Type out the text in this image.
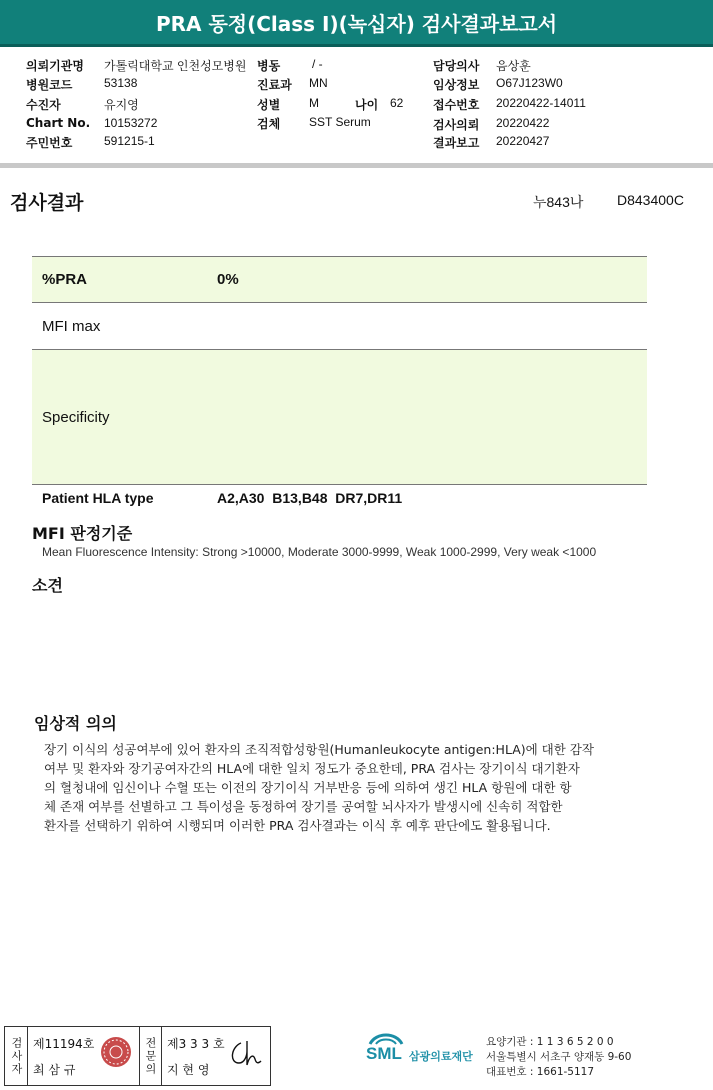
PRA 동정(Class I)(녹십자) 검사결과보고서
의뢰기관명 가톨릭대학교 인천성모병원 병동	/ -	담당의사 음상훈
병원코드	53138	진료과 MN	임상정보 O67J123W0
수진자	유지영	성별 M	나이 62 접수번호 20220422-14011
Chart No. 10153272	검체 SST Serum	검사의뢰 20220422
주민번호	591215-1	결과보고 20220427
검사결과	누843나 D843400C
%PRA	0%
MFI max	
Specificity	
Patient HLA type	A2,A30  B13,B48  DR7,DR11
MFI 판정기준
Mean Fluorescence Intensity: Strong >10000, Moderate 3000-9999, Weak 1000-2999, Very weak <1000
소견
임상적 의의
장기 이식의 성공여부에 있어 환자의 조직적합성항원(Humanleukocyte antigen:HLA)에 대한 감작
여부 및 환자와 장기공여자간의 HLA에 대한 일치 정도가 중요한데, PRA 검사는 장기이식 대기환자
의 혈청내에 임신이나 수혈 또는 이전의 장기이식 거부반응 등에 의하여 생긴 HLA 항원에 대한 항
체 존재 여부를 선별하고 그 특이성을 동정하여 장기를 공여할 뇌사자가 발생시에 신속히 적합한
환자를 선택하기 위하여 시행되며 이러한 PRA 검사결과는 이식 후 예후 판단에도 활용됩니다.
검사자 제11194호
최 삼 규	전문의 제3 3 3 호
지 현 영
SML 삼광의료재단
요양기관 : 1 1 3 6 5 2 0 0
서울특별시 서초구 양재동 9-60
대표번호 : 1661-5117
